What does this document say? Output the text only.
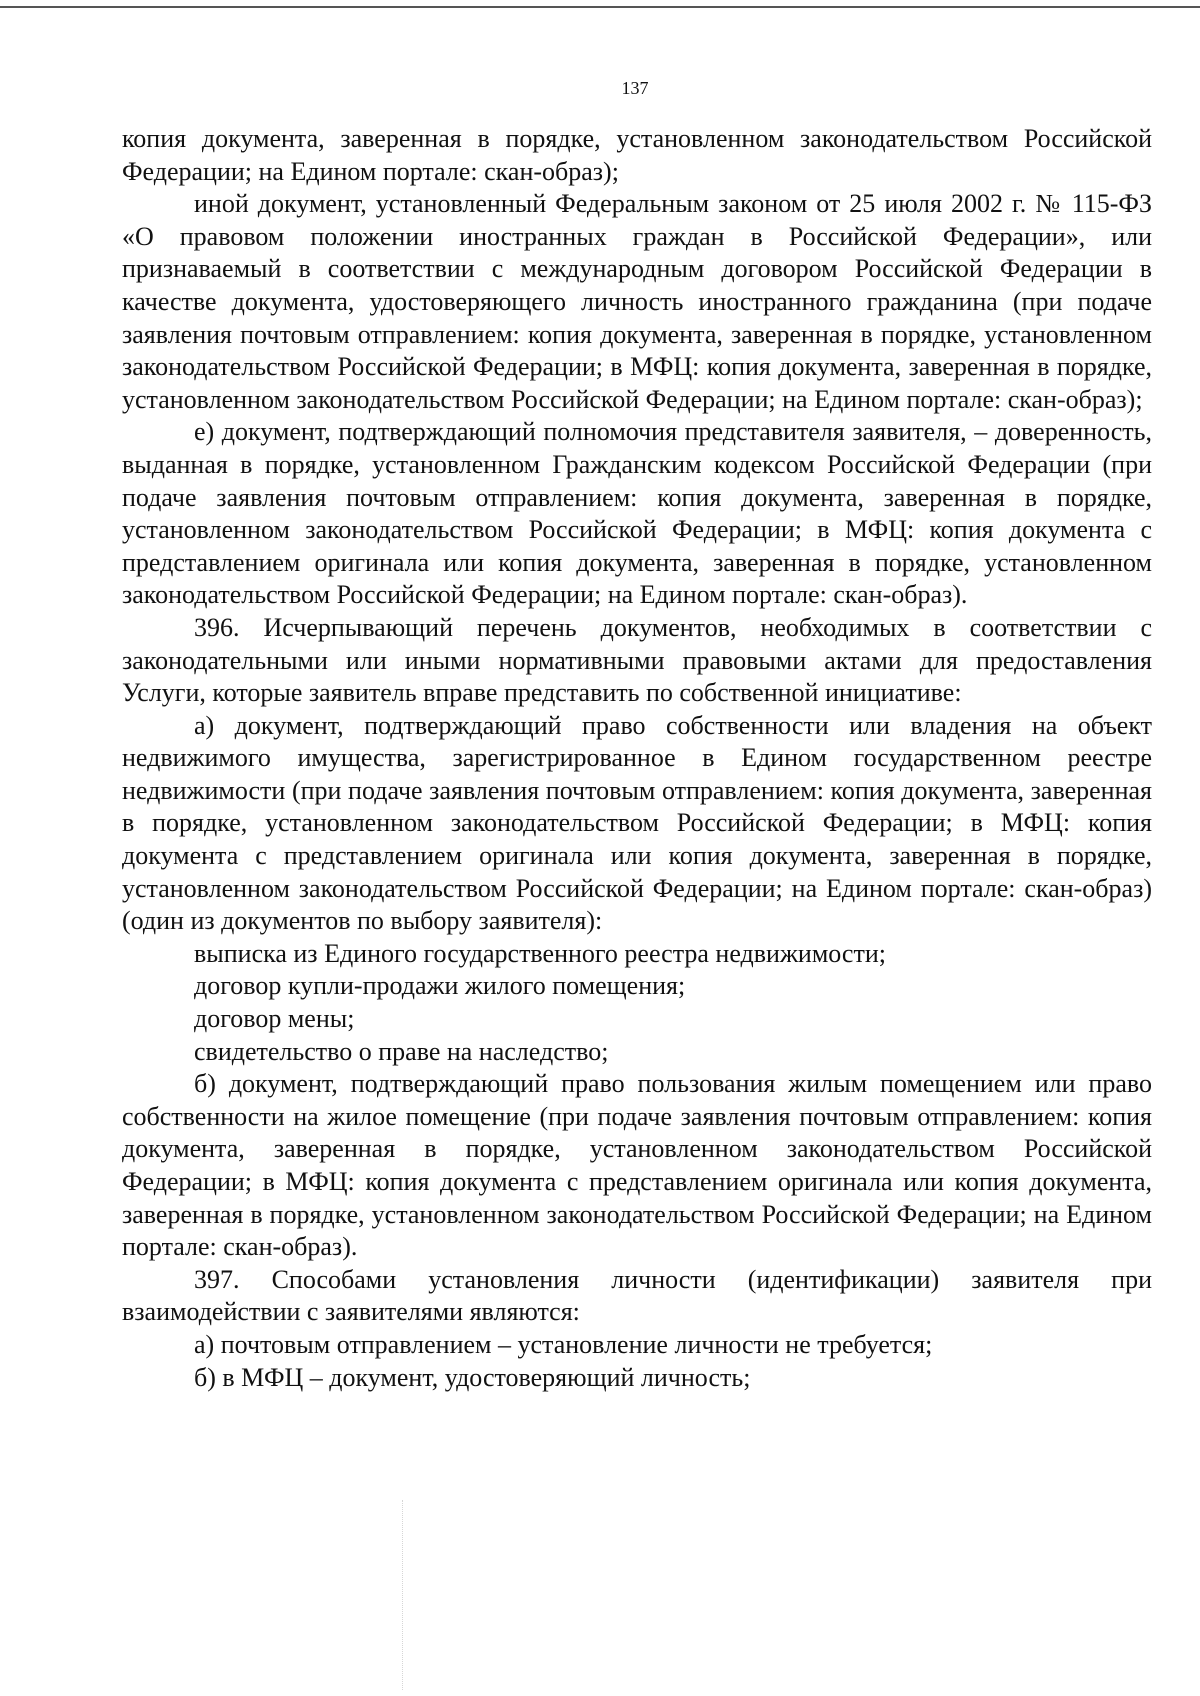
137

копия документа, заверенная в порядке, установленном законодательством Российской Федерации; на Едином портале: скан-образ);

иной документ, установленный Федеральным законом от 25 июля 2002 г. № 115-ФЗ «О правовом положении иностранных граждан в Российской Федерации», или признаваемый в соответствии с международным договором Российской Федерации в качестве документа, удостоверяющего личность иностранного гражданина (при подаче заявления почтовым отправлением: копия документа, заверенная в порядке, установленном законодательством Российской Федерации; в МФЦ: копия документа, заверенная в порядке, установленном законодательством Российской Федерации; на Едином портале: скан-образ);

е) документ, подтверждающий полномочия представителя заявителя, – доверенность, выданная в порядке, установленном Гражданским кодексом Российской Федерации (при подаче заявления почтовым отправлением: копия документа, заверенная в порядке, установленном законодательством Российской Федерации; в МФЦ: копия документа с представлением оригинала или копия документа, заверенная в порядке, установленном законодательством Российской Федерации; на Едином портале: скан-образ).

396. Исчерпывающий перечень документов, необходимых в соответствии с законодательными или иными нормативными правовыми актами для предоставления Услуги, которые заявитель вправе представить по собственной инициативе:

а) документ, подтверждающий право собственности или владения на объект недвижимого имущества, зарегистрированное в Едином государственном реестре недвижимости (при подаче заявления почтовым отправлением: копия документа, заверенная в порядке, установленном законодательством Российской Федерации; в МФЦ: копия документа с представлением оригинала или копия документа, заверенная в порядке, установленном законодательством Российской Федерации; на Едином портале: скан-образ) (один из документов по выбору заявителя):

выписка из Единого государственного реестра недвижимости;

договор купли-продажи жилого помещения;

договор мены;

свидетельство о праве на наследство;

б) документ, подтверждающий право пользования жилым помещением или право собственности на жилое помещение (при подаче заявления почтовым отправлением: копия документа, заверенная в порядке, установленном законодательством Российской Федерации; в МФЦ: копия документа с представлением оригинала или копия документа, заверенная в порядке, установленном законодательством Российской Федерации; на Едином портале: скан-образ).

397. Способами установления личности (идентификации) заявителя при взаимодействии с заявителями являются:

а) почтовым отправлением – установление личности не требуется;

б) в МФЦ – документ, удостоверяющий личность;
